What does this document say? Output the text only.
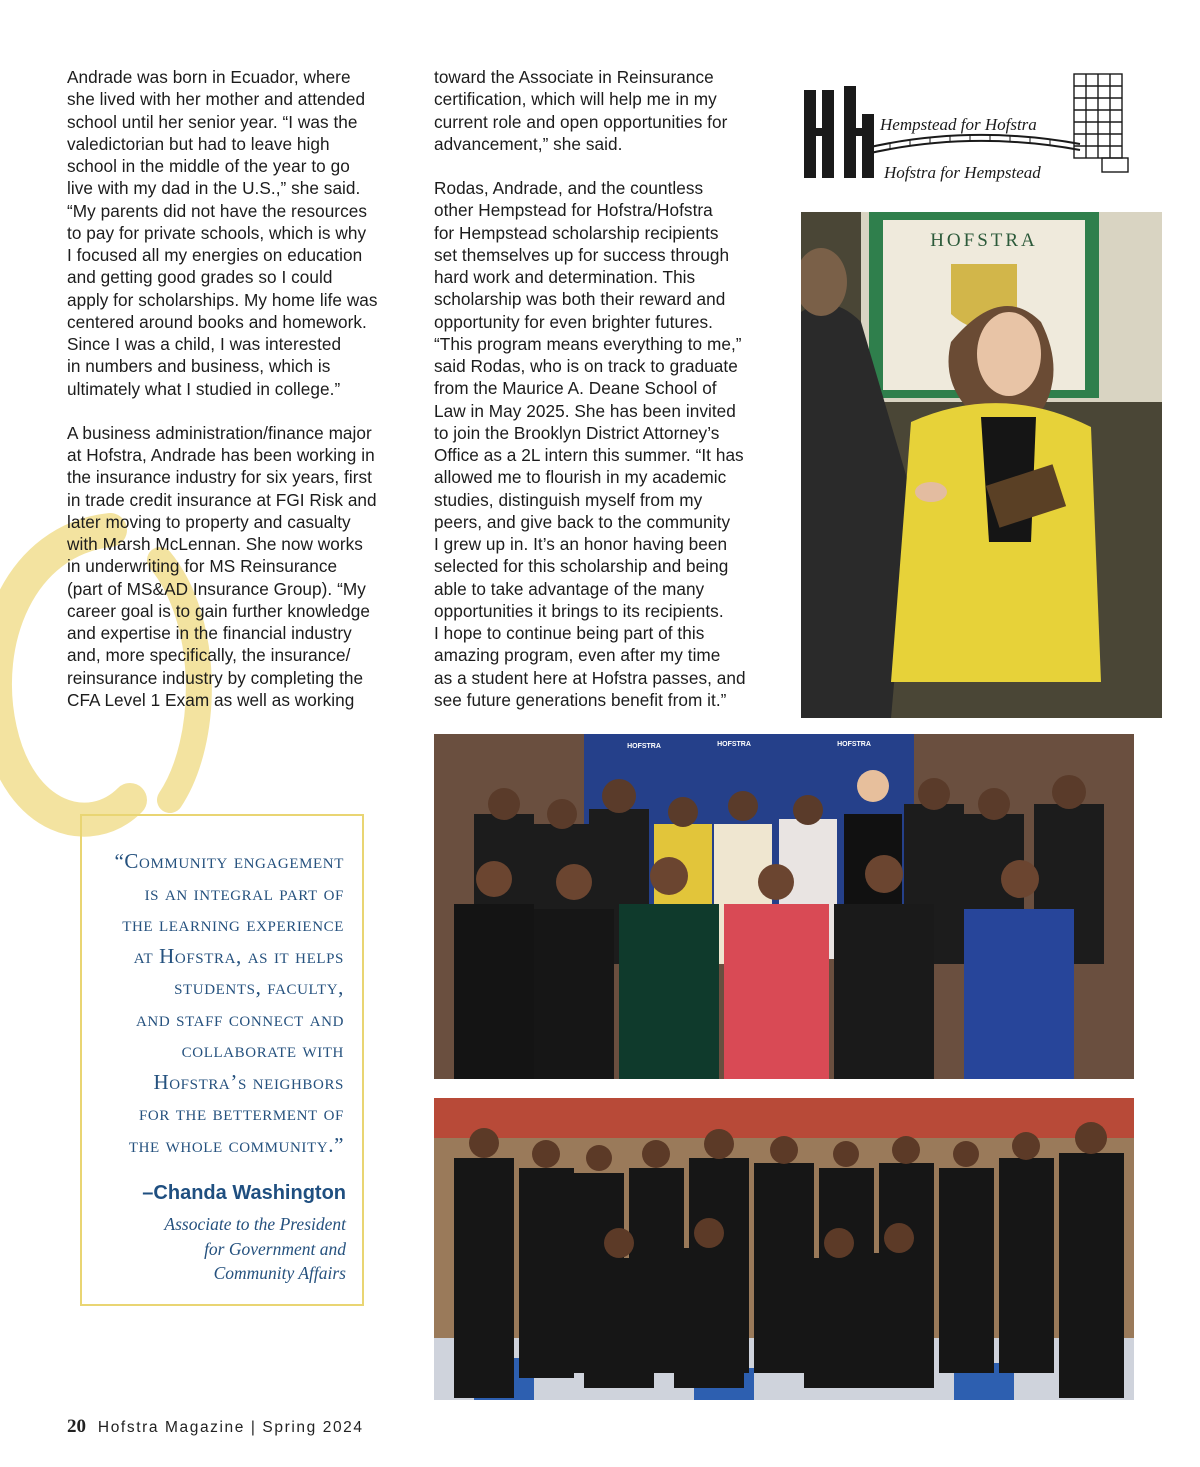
Andrade was born in Ecuador, where
she lived with her mother and attended
school until her senior year. “I was the
valedictorian but had to leave high
school in the middle of the year to go
live with my dad in the U.S.,” she said.
“My parents did not have the resources
to pay for private schools, which is why
I focused all my energies on education
and getting good grades so I could
apply for scholarships. My home life was
centered around books and homework.
Since I was a child, I was interested
in numbers and business, which is
ultimately what I studied in college.”

A business administration/finance major
at Hofstra, Andrade has been working in
the insurance industry for six years, first
in trade credit insurance at FGI Risk and
later moving to property and casualty
with Marsh McLennan. She now works
in underwriting for MS Reinsurance
(part of MS&AD Insurance Group). “My
career goal is to gain further knowledge
and expertise in the financial industry
and, more specifically, the insurance/
reinsurance industry by completing the
CFA Level 1 Exam as well as working

toward the Associate in Reinsurance
certification, which will help me in my
current role and open opportunities for
advancement,” she said.

Rodas, Andrade, and the countless
other Hempstead for Hofstra/Hofstra
for Hempstead scholarship recipients
set themselves up for success through
hard work and determination. This
scholarship was both their reward and
opportunity for even brighter futures.
“This program means everything to me,”
said Rodas, who is on track to graduate
from the Maurice A. Deane School of
Law in May 2025. She has been invited
to join the Brooklyn District Attorney’s
Office as a 2L intern this summer. “It has
allowed me to flourish in my academic
studies, distinguish myself from my
peers, and give back to the community
I grew up in. It’s an honor having been
selected for this scholarship and being
able to take advantage of the many
opportunities it brings to its recipients.
I hope to continue being part of this
amazing program, even after my time
as a student here at Hofstra passes, and
see future generations benefit from it.”

Hempstead for Hofstra
Hofstra for Hempstead
HOFSTRA
HOFSTRA	HOFSTRA	HOFSTRA
“Community engagement
is an integral part of
the learning experience
at Hofstra, as it helps
students, faculty,
and staff connect and
collaborate with
Hofstra’s neighbors
for the betterment of
the whole community.”
–Chanda Washington
Associate to the President
for Government and
Community Affairs
20 Hofstra Magazine | Spring 2024
